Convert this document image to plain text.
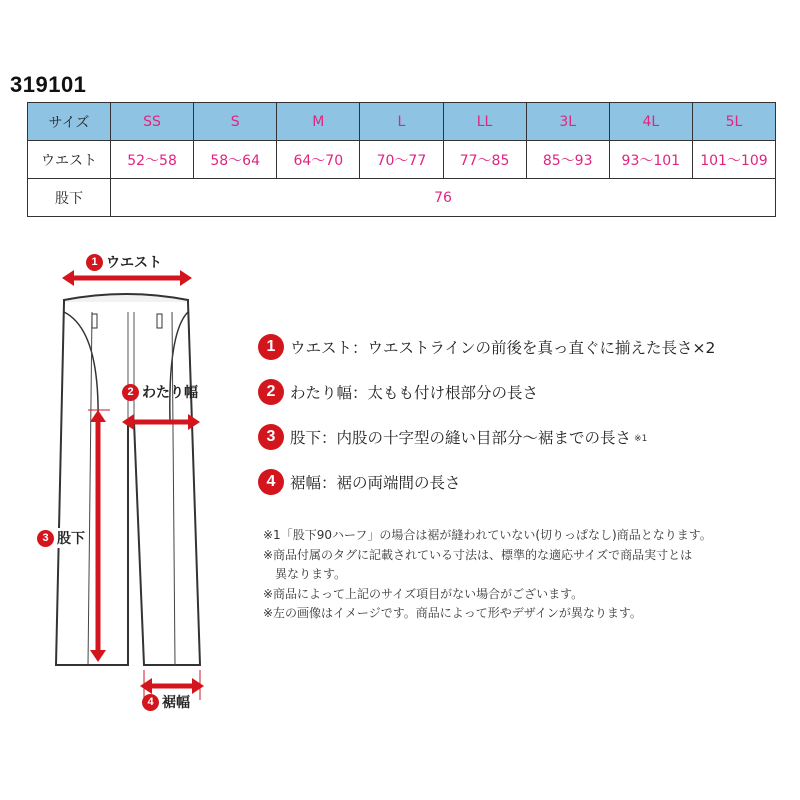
319101
サイズ	SS	S	M	L	LL	3L	4L	5L
ウエスト	52〜58	58〜64	64〜70	70〜77	77〜85	85〜93	93〜101	101〜109
股下	76							
1 ウエスト
2 わたり幅
3 股下
4 裾幅
1 ウエスト ：ウエストラインの前後を真っ直ぐに揃えた長さ×2
2 わたり幅 ：太もも付け根部分の長さ
3 股下 ：内股の十字型の縫い目部分〜裾までの長さ ※1
4 裾幅 ：裾の両端間の長さ

※1「股下90ハーフ」の場合は裾が縫われていない(切りっぱなし)商品となります。

※商品付属のタグに記載されている寸法は、標準的な適応サイズで商品実寸とは

異なります。

※商品によって上記のサイズ項目がない場合がございます。

※左の画像はイメージです。商品によって形やデザインが異なります。
